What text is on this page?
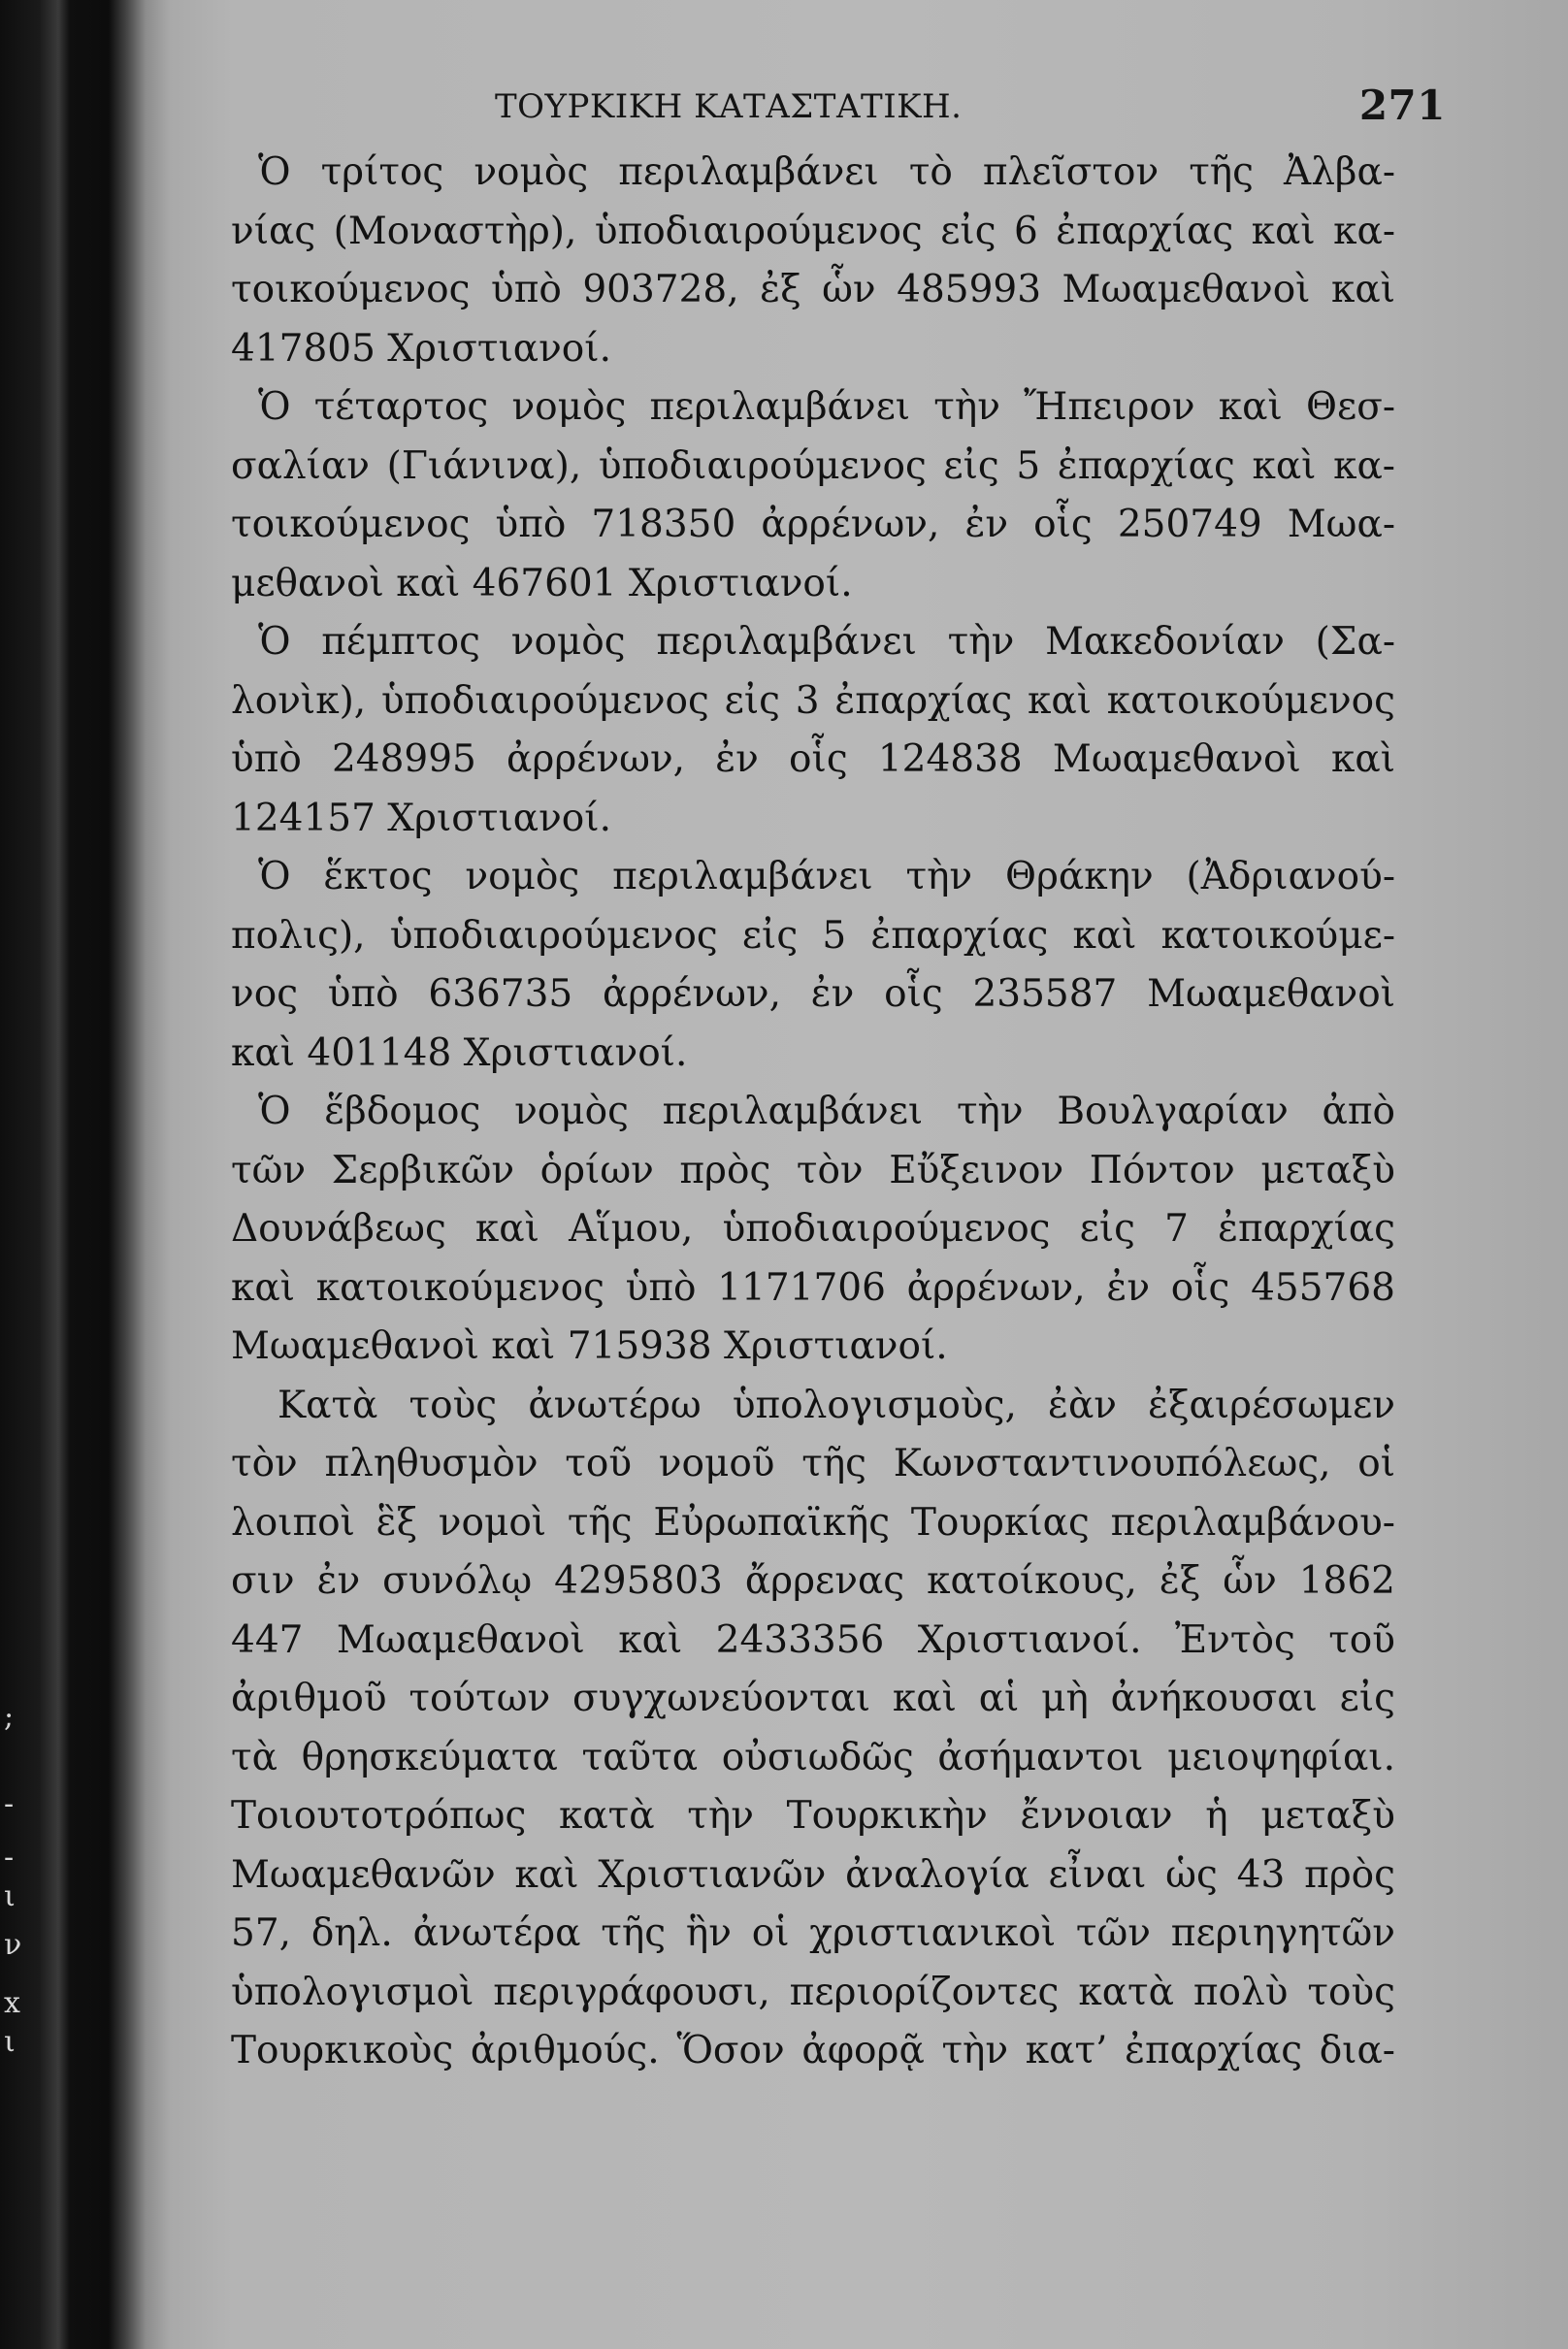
;
-
-
ι
ν
x
ι
ΤΟΥΡΚΙΚΗ ΚΑΤΑΣΤΑΤΙΚΗ.	271
Ὁ τρίτος νομὸς περιλαμβάνει τὸ πλεῖστον τῆς Ἀλβα-
νίας (Μοναστὴρ), ὑποδιαιρούμενος εἰς 6 ἐπαρχίας καὶ κα-
τοικούμενος ὑπὸ 903728, ἐξ ὧν 485993 Μωαμεθανοὶ καὶ
417805 Χριστιανοί.
Ὁ τέταρτος νομὸς περιλαμβάνει τὴν Ἤπειρον καὶ Θεσ-
σαλίαν (Γιάνινα), ὑποδιαιρούμενος εἰς 5 ἐπαρχίας καὶ κα-
τοικούμενος ὑπὸ 718350 ἀρρένων, ἐν οἷς 250749 Μωα-
μεθανοὶ καὶ 467601 Χριστιανοί.
Ὁ πέμπτος νομὸς περιλαμβάνει τὴν Μακεδονίαν (Σα-
λονὶκ), ὑποδιαιρούμενος εἰς 3 ἐπαρχίας καὶ κατοικούμενος
ὑπὸ 248995 ἀρρένων, ἐν οἷς 124838 Μωαμεθανοὶ καὶ
124157 Χριστιανοί.
Ὁ ἕκτος νομὸς περιλαμβάνει τὴν Θράκην (Ἀδριανού-
πολις), ὑποδιαιρούμενος εἰς 5 ἐπαρχίας καὶ κατοικούμε-
νος ὑπὸ 636735 ἀρρένων, ἐν οἷς 235587 Μωαμεθανοὶ
καὶ 401148 Χριστιανοί.
Ὁ ἕβδομος νομὸς περιλαμβάνει τὴν Βουλγαρίαν ἀπὸ
τῶν Σερβικῶν ὁρίων πρὸς τὸν Εὔξεινον Πόντον μεταξὺ
Δουνάβεως καὶ Αἵμου, ὑποδιαιρούμενος εἰς 7 ἐπαρχίας
καὶ κατοικούμενος ὑπὸ 1171706 ἀρρένων, ἐν οἷς 455768
Μωαμεθανοὶ καὶ 715938 Χριστιανοί.
Κατὰ τοὺς ἀνωτέρω ὑπολογισμοὺς, ἐὰν ἐξαιρέσωμεν
τὸν πληθυσμὸν τοῦ νομοῦ τῆς Κωνσταντινουπόλεως, οἱ
λοιποὶ ἓξ νομοὶ τῆς Εὐρωπαϊκῆς Τουρκίας περιλαμβάνου-
σιν ἐν συνόλῳ 4295803 ἄρρενας κατοίκους, ἐξ ὧν 1862
447 Μωαμεθανοὶ καὶ 2433356 Χριστιανοί. Ἐντὸς τοῦ
ἀριθμοῦ τούτων συγχωνεύονται καὶ αἱ μὴ ἀνήκουσαι εἰς
τὰ θρησκεύματα ταῦτα οὐσιωδῶς ἀσήμαντοι μειοψηφίαι.
Τοιουτοτρόπως κατὰ τὴν Τουρκικὴν ἔννοιαν ἡ μεταξὺ
Μωαμεθανῶν καὶ Χριστιανῶν ἀναλογία εἶναι ὡς 43 πρὸς
57, δηλ. ἀνωτέρα τῆς ἣν οἱ χριστιανικοὶ τῶν περιηγητῶν
ὑπολογισμοὶ περιγράφουσι, περιορίζοντες κατὰ πολὺ τοὺς
Τουρκικοὺς ἀριθμούς. Ὅσον ἀφορᾷ τὴν κατ’ ἐπαρχίας δια-
